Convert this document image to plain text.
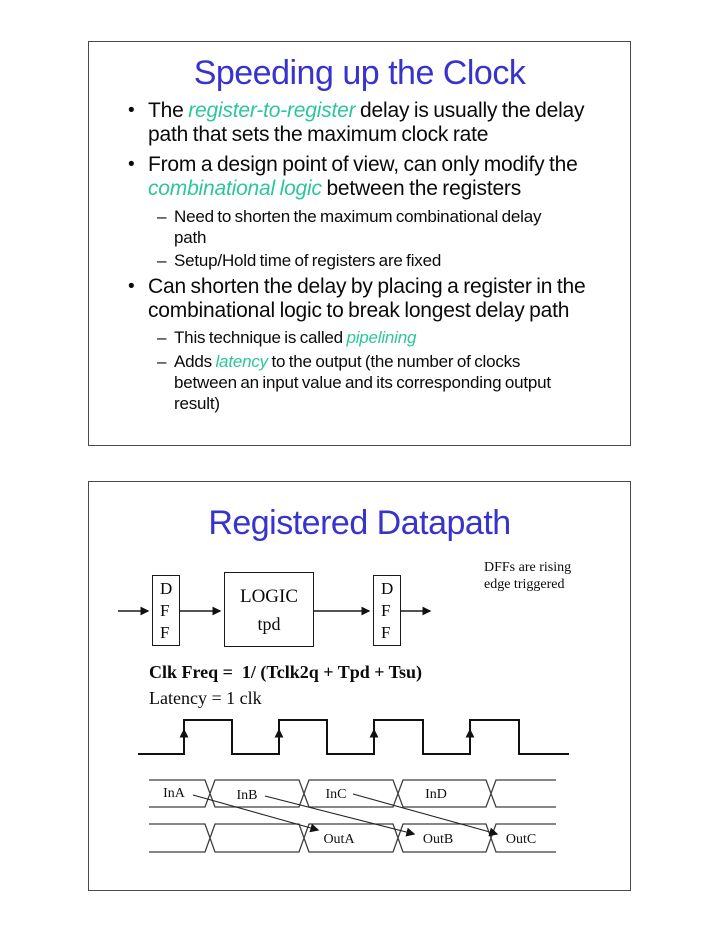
Speeding up the Clock
• The register-to-register delay is usually the delay path that sets the maximum clock rate
• From a design point of view, can only modify the combinational logic between the registers
– Need to shorten the maximum combinational delay path
– Setup/Hold time of registers are fixed
• Can shorten the delay by placing a register in the combinational logic to break longest delay path
– This technique is called pipelining
– Adds latency to the output (the number of clocks between an input value and its corresponding output result)
Registered Datapath
InA	InB	InC	InD
OutA	OutB	OutC
D
F
F
LOGIC
tpd
D
F
F
DFFs are rising edge triggered
Clk Freq =  1/ (Tclk2q + Tpd + Tsu)
Latency = 1 clk
